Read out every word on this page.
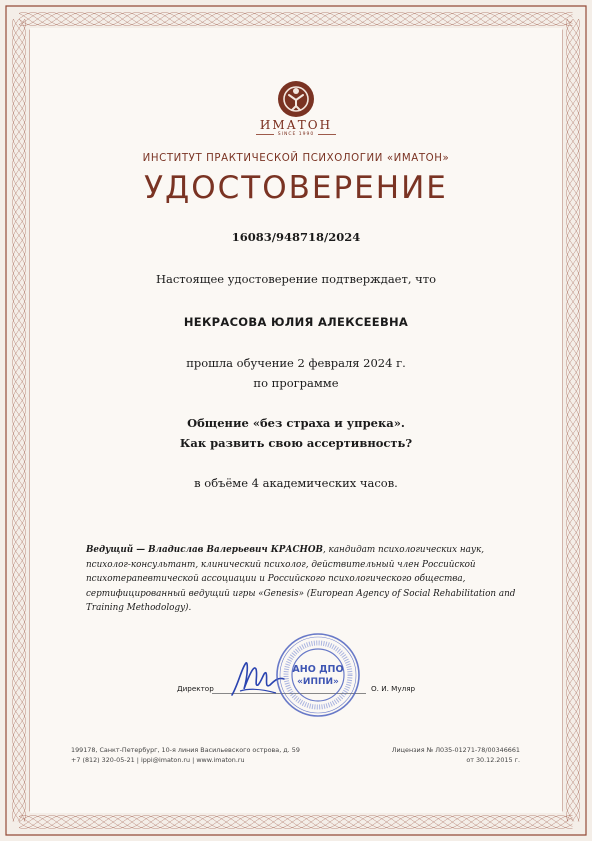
ИМАТОН
SINCE 1990
ИНСТИТУТ ПРАКТИЧЕСКОЙ ПСИХОЛОГИИ «ИМАТОН»
УДОСТОВЕРЕНИЕ
16083/948718/2024
Настоящее удостоверение подтверждает, что
НЕКРАСОВА ЮЛИЯ АЛЕКСЕЕВНА
прошла обучение 2 февраля 2024 г.
по программе
Общение «без страха и упрека».
Как развить свою ассертивность?
в объёме 4 академических часов.
Ведущий — Владислав Валерьевич КРАСНОВ, кандидат психологических наук, психолог-консультант, клинический психолог, действительный член Российской психотерапевтической ассоциации и Российского психологического общества, сертифицированный ведущий игры «Genesis» (European Agency of Social Rehabilitation and Training Methodology).
Директор
АНО ДПО
«ИППИ»
О. И. Муляр
199178, Санкт-Петербург, 10-я линия Васильевского острова, д. 59
+7 (812) 320-05-21 | ippi@imaton.ru | www.imaton.ru
Лицензия № Л035-01271-78/00346661
от 30.12.2015 г.
